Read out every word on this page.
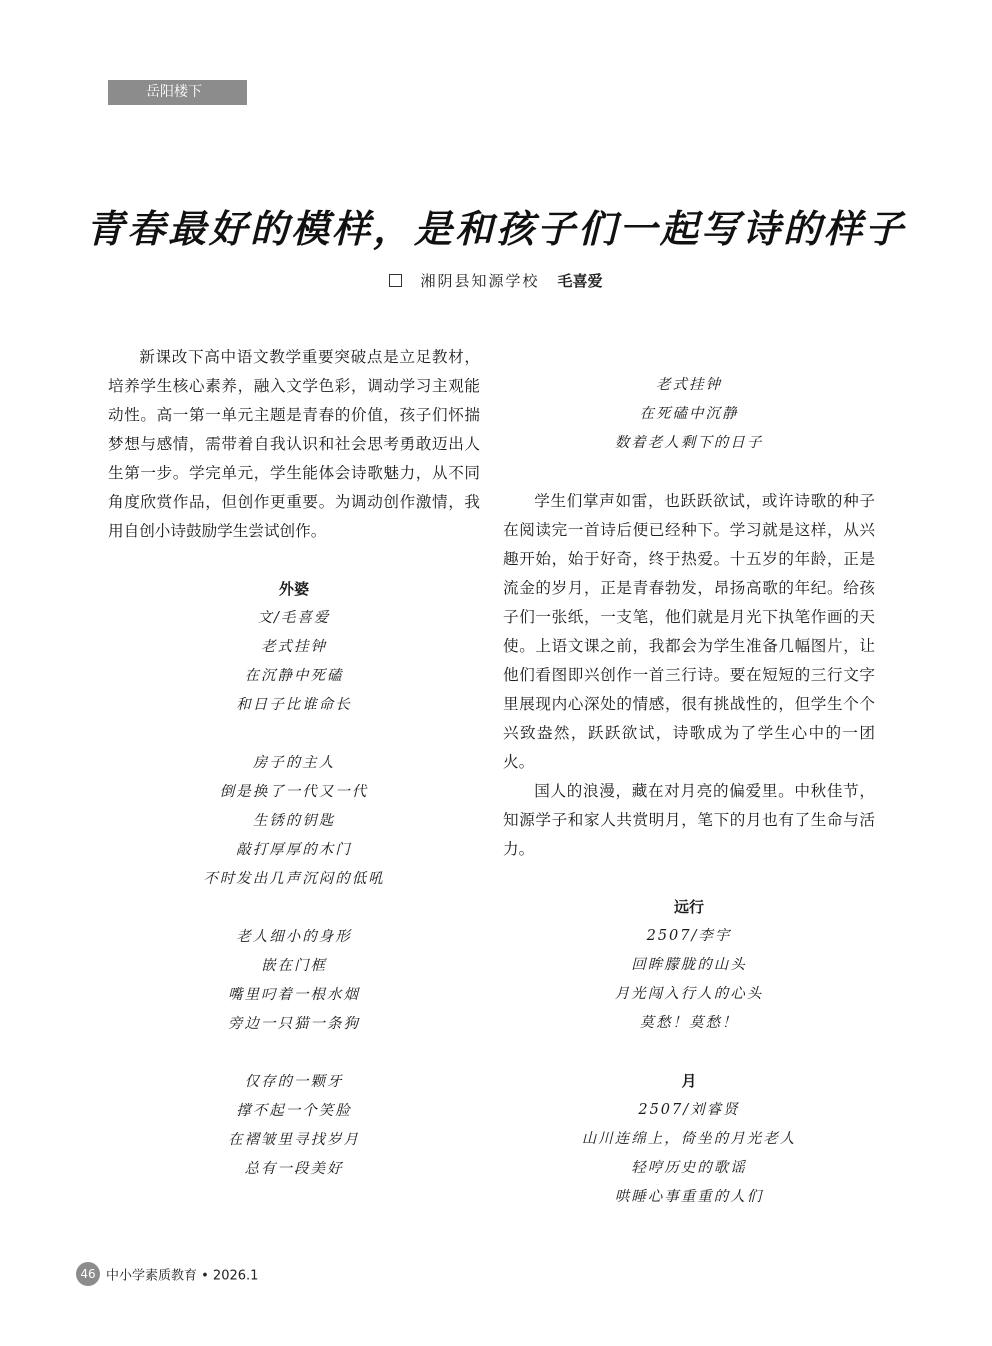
岳阳楼下
青春最好的模样，是和孩子们一起写诗的样子
湘阴县知源学校 毛喜爱

新课改下高中语文教学重要突破点是立足教材，培养学生核心素养，融入文学色彩，调动学习主观能动性。高一第一单元主题是青春的价值，孩子们怀揣梦想与感情，需带着自我认识和社会思考勇敢迈出人生第一步。学完单元，学生能体会诗歌魅力，从不同角度欣赏作品，但创作更重要。为调动创作激情，我用自创小诗鼓励学生尝试创作。

外婆

文/毛喜爱

老式挂钟

在沉静中死磕

和日子比谁命长

房子的主人

倒是换了一代又一代

生锈的钥匙

敲打厚厚的木门

不时发出几声沉闷的低吼

老人细小的身形

嵌在门框

嘴里叼着一根水烟

旁边一只猫一条狗

仅存的一颗牙

撑不起一个笑脸

在褶皱里寻找岁月

总有一段美好

老式挂钟

在死磕中沉静

数着老人剩下的日子

学生们掌声如雷，也跃跃欲试，或许诗歌的种子在阅读完一首诗后便已经种下。学习就是这样，从兴趣开始，始于好奇，终于热爱。十五岁的年龄，正是流金的岁月，正是青春勃发，昂扬高歌的年纪。给孩子们一张纸，一支笔，他们就是月光下执笔作画的天使。上语文课之前，我都会为学生准备几幅图片，让他们看图即兴创作一首三行诗。要在短短的三行文字里展现内心深处的情感，很有挑战性的，但学生个个兴致盎然，跃跃欲试，诗歌成为了学生心中的一团火。

国人的浪漫，藏在对月亮的偏爱里。中秋佳节，知源学子和家人共赏明月，笔下的月也有了生命与活力。

远行

2507/李宇

回眸朦胧的山头

月光闯入行人的心头

莫愁！莫愁！

月

2507/刘睿贤

山川连绵上，倚坐的月光老人

轻哼历史的歌谣

哄睡心事重重的人们

46 中小学素质教育 • 2026.1
